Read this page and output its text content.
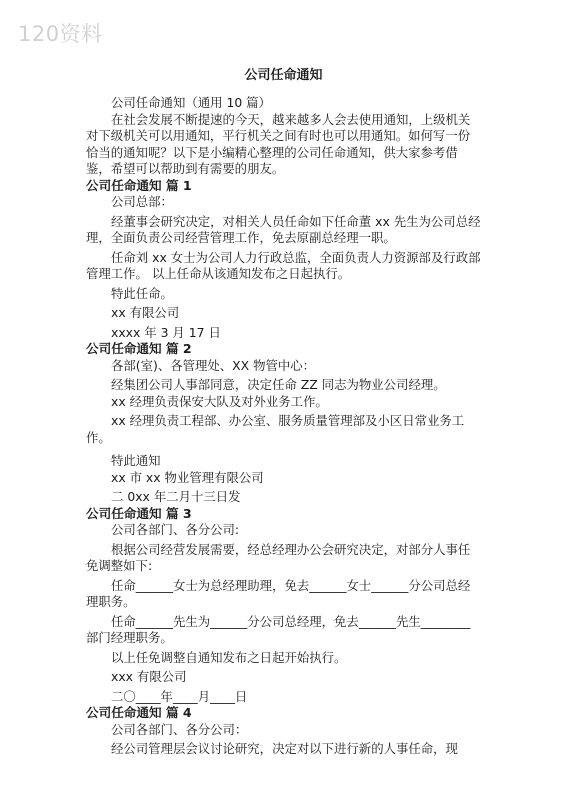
120资料
公司任命通知

公司任命通知（通用 10 篇）

在社会发展不断提速的今天，越来越多人会去使用通知，上级机关对下级机关可以用通知，平行机关之间有时也可以用通知。如何写一份恰当的通知呢？以下是小编精心整理的公司任命通知，供大家参考借鉴，希望可以帮助到有需要的朋友。

公司任命通知 篇 1

公司总部：

经董事会研究决定，对相关人员任命如下任命董 xx 先生为公司总经理，全面负责公司经营管理工作，免去原副总经理一职。

任命刘 xx 女士为公司人力行政总监，全面负责人力资源部及行政部管理工作。 以上任命从该通知发布之日起执行。

特此任命。

xx 有限公司

xxxx 年 3 月 17 日

公司任命通知 篇 2

各部(室)、各管理处、XX 物管中心：

经集团公司人事部同意，决定任命 ZZ 同志为物业公司经理。

xx 经理负责保安大队及对外业务工作。

xx 经理负责工程部、办公室、服务质量管理部及小区日常业务工作。

特此通知

xx 市 xx 物业管理有限公司

二 0xx 年二月十三日发

公司任命通知 篇 3

公司各部门、各分公司:

根据公司经营发展需要，经总经理办公会研究决定，对部分人事任免调整如下:

任命______女士为总经理助理，免去______女士______分公司总经理职务。

任命______先生为______分公司总经理，免去______先生________部门经理职务。

以上任免调整自通知发布之日起开始执行。

xxx 有限公司

二〇____年____月____日

公司任命通知 篇 4

公司各部门、各分公司：

经公司管理层会议讨论研究，决定对以下进行新的人事任命，现
